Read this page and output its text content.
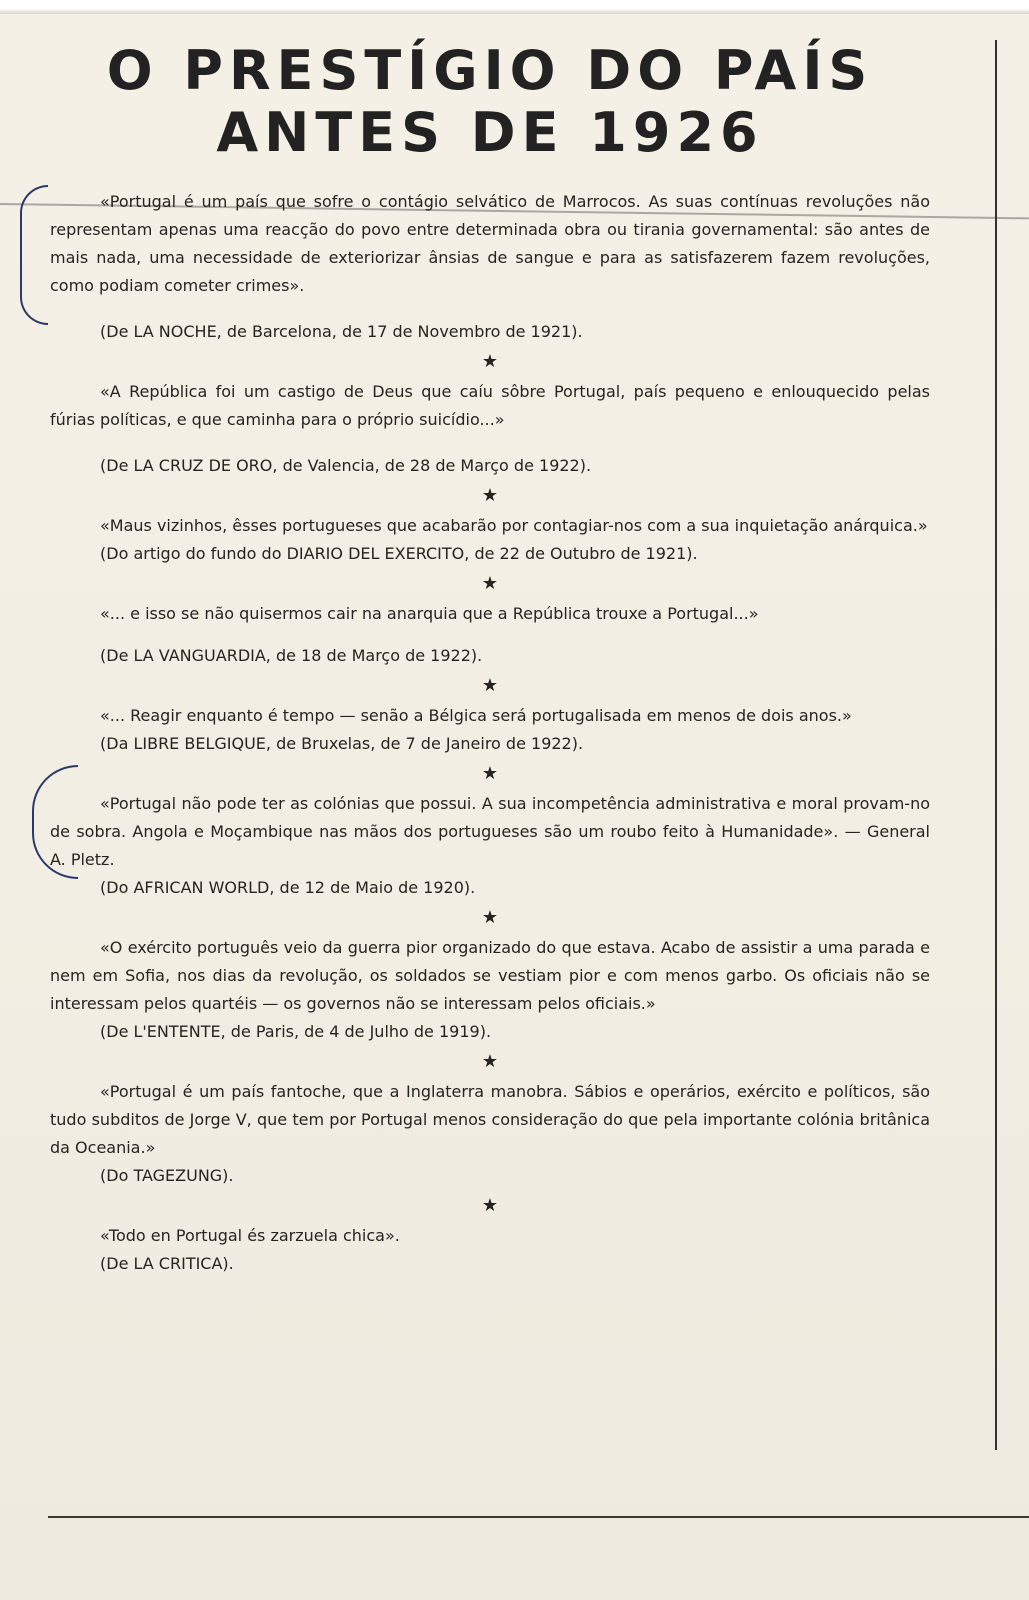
O PRESTÍGIO DO PAÍS
ANTES DE 1926

«Portugal é um país que sofre o contágio selvático de Marrocos. As suas contínuas revoluções não representam apenas uma reacção do povo entre determinada obra ou tirania governamental: são antes de mais nada, uma necessidade de exteriorizar ânsias de sangue e para as satisfazerem fazem revoluções, como podiam cometer crimes».

(De LA NOCHE, de Barcelona, de 17 de Novembro de 1921).

★

«A República foi um castigo de Deus que caíu sôbre Portugal, país pequeno e enlouquecido pelas fúrias políticas, e que caminha para o próprio suicídio...»

(De LA CRUZ DE ORO, de Valencia, de 28 de Março de 1922).

★

«Maus vizinhos, êsses portugueses que acabarão por contagiar-nos com a sua inquietação anárquica.»

(Do artigo do fundo do DIARIO DEL EXERCITO, de 22 de Outubro de 1921).

★

«... e isso se não quisermos cair na anarquia que a República trouxe a Portugal...»

(De LA VANGUARDIA, de 18 de Março de 1922).

★

«... Reagir enquanto é tempo — senão a Bélgica será portugalisada em menos de dois anos.»

(Da LIBRE BELGIQUE, de Bruxelas, de 7 de Janeiro de 1922).

★

«Portugal não pode ter as colónias que possui. A sua incompetência administrativa e moral provam-no de sobra. Angola e Moçambique nas mãos dos portugueses são um roubo feito à Humanidade». — General A. Pletz.

(Do AFRICAN WORLD, de 12 de Maio de 1920).

★

«O exército português veio da guerra pior organizado do que estava. Acabo de assistir a uma parada e nem em Sofia, nos dias da revolução, os soldados se vestiam pior e com menos garbo. Os oficiais não se interessam pelos quartéis — os governos não se interessam pelos oficiais.»

(De L'ENTENTE, de Paris, de 4 de Julho de 1919).

★

«Portugal é um país fantoche, que a Inglaterra manobra. Sábios e operários, exército e políticos, são tudo subditos de Jorge V, que tem por Portugal menos consideração do que pela importante colónia britânica da Oceania.»

(Do TAGEZUNG).

★

«Todo en Portugal és zarzuela chica».

(De LA CRITICA).
